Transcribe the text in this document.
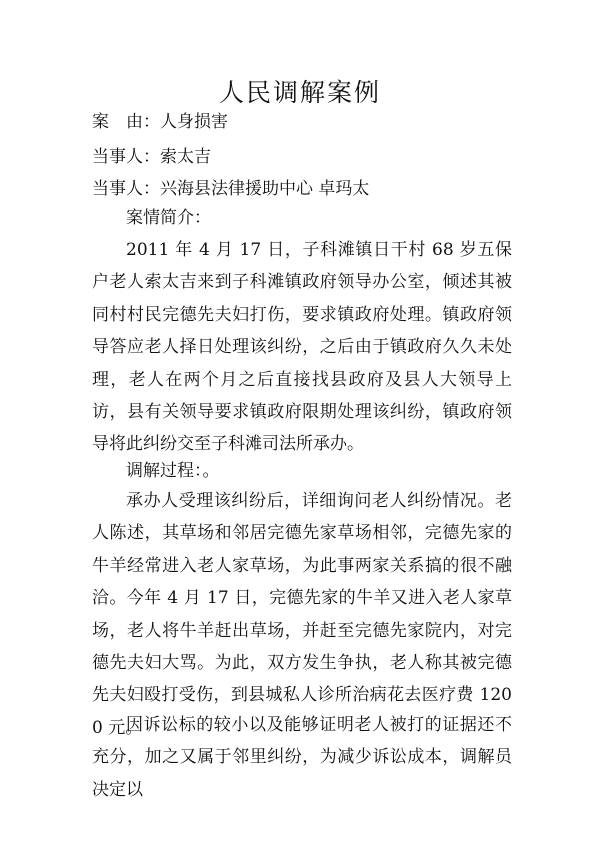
人民调解案例
案　由：人身损害
当事人：索太吉
当事人：兴海县法律援助中心 卓玛太
案情简介：
2011 年 4 月 17 日，子科滩镇日干村 68 岁五保户老人索太吉来到子科滩镇政府领导办公室，倾述其被同村村民完德先夫妇打伤，要求镇政府处理。镇政府领导答应老人择日处理该纠纷，之后由于镇政府久久未处理，老人在两个月之后直接找县政府及县人大领导上访，县有关领导要求镇政府限期处理该纠纷，镇政府领导将此纠纷交至子科滩司法所承办。
调解过程：。
承办人受理该纠纷后，详细询问老人纠纷情况。老人陈述，其草场和邻居完德先家草场相邻，完德先家的牛羊经常进入老人家草场，为此事两家关系搞的很不融洽。今年 4 月 17 日，完德先家的牛羊又进入老人家草场，老人将牛羊赶出草场，并赶至完德先家院内，对完德先夫妇大骂。为此，双方发生争执，老人称其被完德先夫妇殴打受伤，到县城私人诊所治病花去医疗费 1200 元。
因诉讼标的较小以及能够证明老人被打的证据还不充分，加之又属于邻里纠纷，为减少诉讼成本，调解员决定以
